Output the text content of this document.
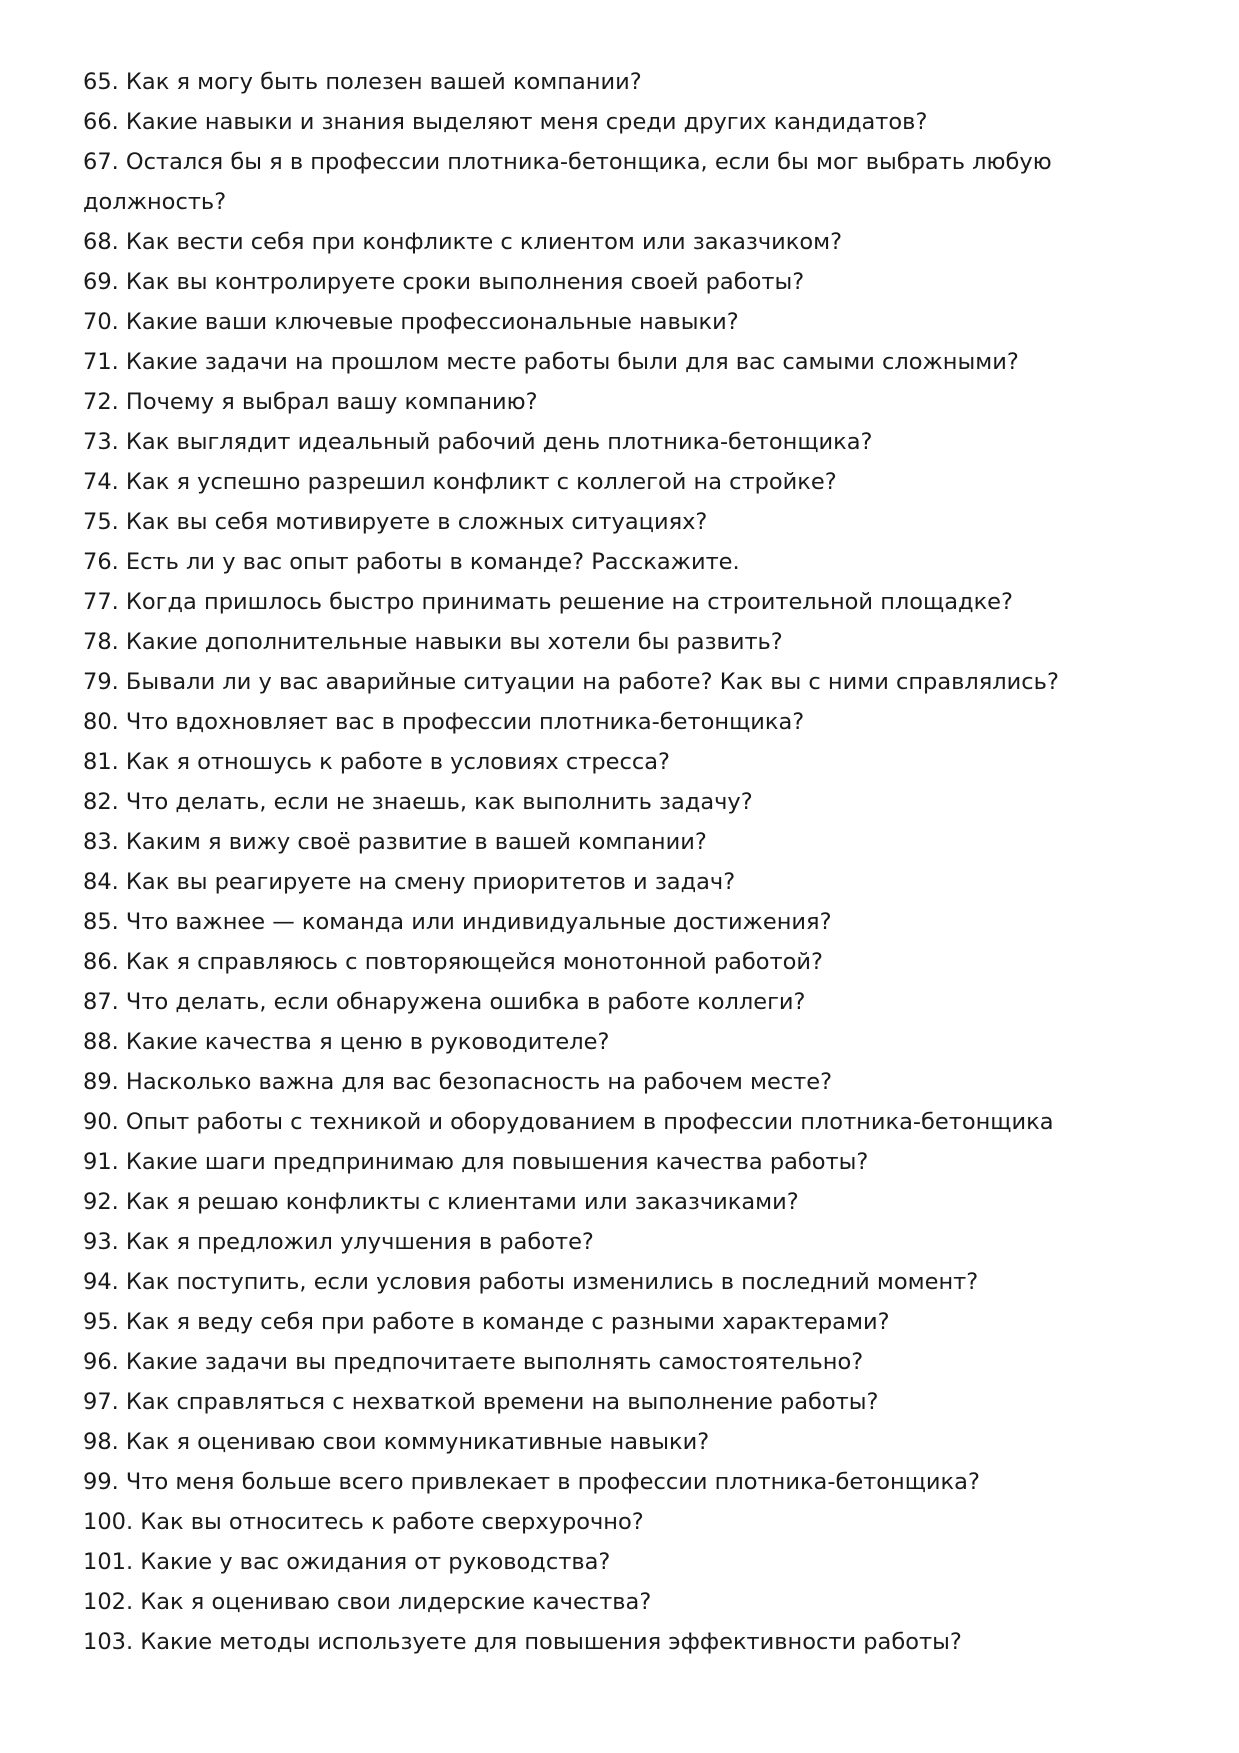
65. Как я могу быть полезен вашей компании?
66. Какие навыки и знания выделяют меня среди других кандидатов?
67. Остался бы я в профессии плотника-бетонщика, если бы мог выбрать любую должность?
68. Как вести себя при конфликте с клиентом или заказчиком?
69. Как вы контролируете сроки выполнения своей работы?
70. Какие ваши ключевые профессиональные навыки?
71. Какие задачи на прошлом месте работы были для вас самыми сложными?
72. Почему я выбрал вашу компанию?
73. Как выглядит идеальный рабочий день плотника-бетонщика?
74. Как я успешно разрешил конфликт с коллегой на стройке?
75. Как вы себя мотивируете в сложных ситуациях?
76. Есть ли у вас опыт работы в команде? Расскажите.
77. Когда пришлось быстро принимать решение на строительной площадке?
78. Какие дополнительные навыки вы хотели бы развить?
79. Бывали ли у вас аварийные ситуации на работе? Как вы с ними справлялись?
80. Что вдохновляет вас в профессии плотника-бетонщика?
81. Как я отношусь к работе в условиях стресса?
82. Что делать, если не знаешь, как выполнить задачу?
83. Каким я вижу своё развитие в вашей компании?
84. Как вы реагируете на смену приоритетов и задач?
85. Что важнее — команда или индивидуальные достижения?
86. Как я справляюсь с повторяющейся монотонной работой?
87. Что делать, если обнаружена ошибка в работе коллеги?
88. Какие качества я ценю в руководителе?
89. Насколько важна для вас безопасность на рабочем месте?
90. Опыт работы с техникой и оборудованием в профессии плотника-бетонщика
91. Какие шаги предпринимаю для повышения качества работы?
92. Как я решаю конфликты с клиентами или заказчиками?
93. Как я предложил улучшения в работе?
94. Как поступить, если условия работы изменились в последний момент?
95. Как я веду себя при работе в команде с разными характерами?
96. Какие задачи вы предпочитаете выполнять самостоятельно?
97. Как справляться с нехваткой времени на выполнение работы?
98. Как я оцениваю свои коммуникативные навыки?
99. Что меня больше всего привлекает в профессии плотника-бетонщика?
100. Как вы относитесь к работе сверхурочно?
101. Какие у вас ожидания от руководства?
102. Как я оцениваю свои лидерские качества?
103. Какие методы используете для повышения эффективности работы?
